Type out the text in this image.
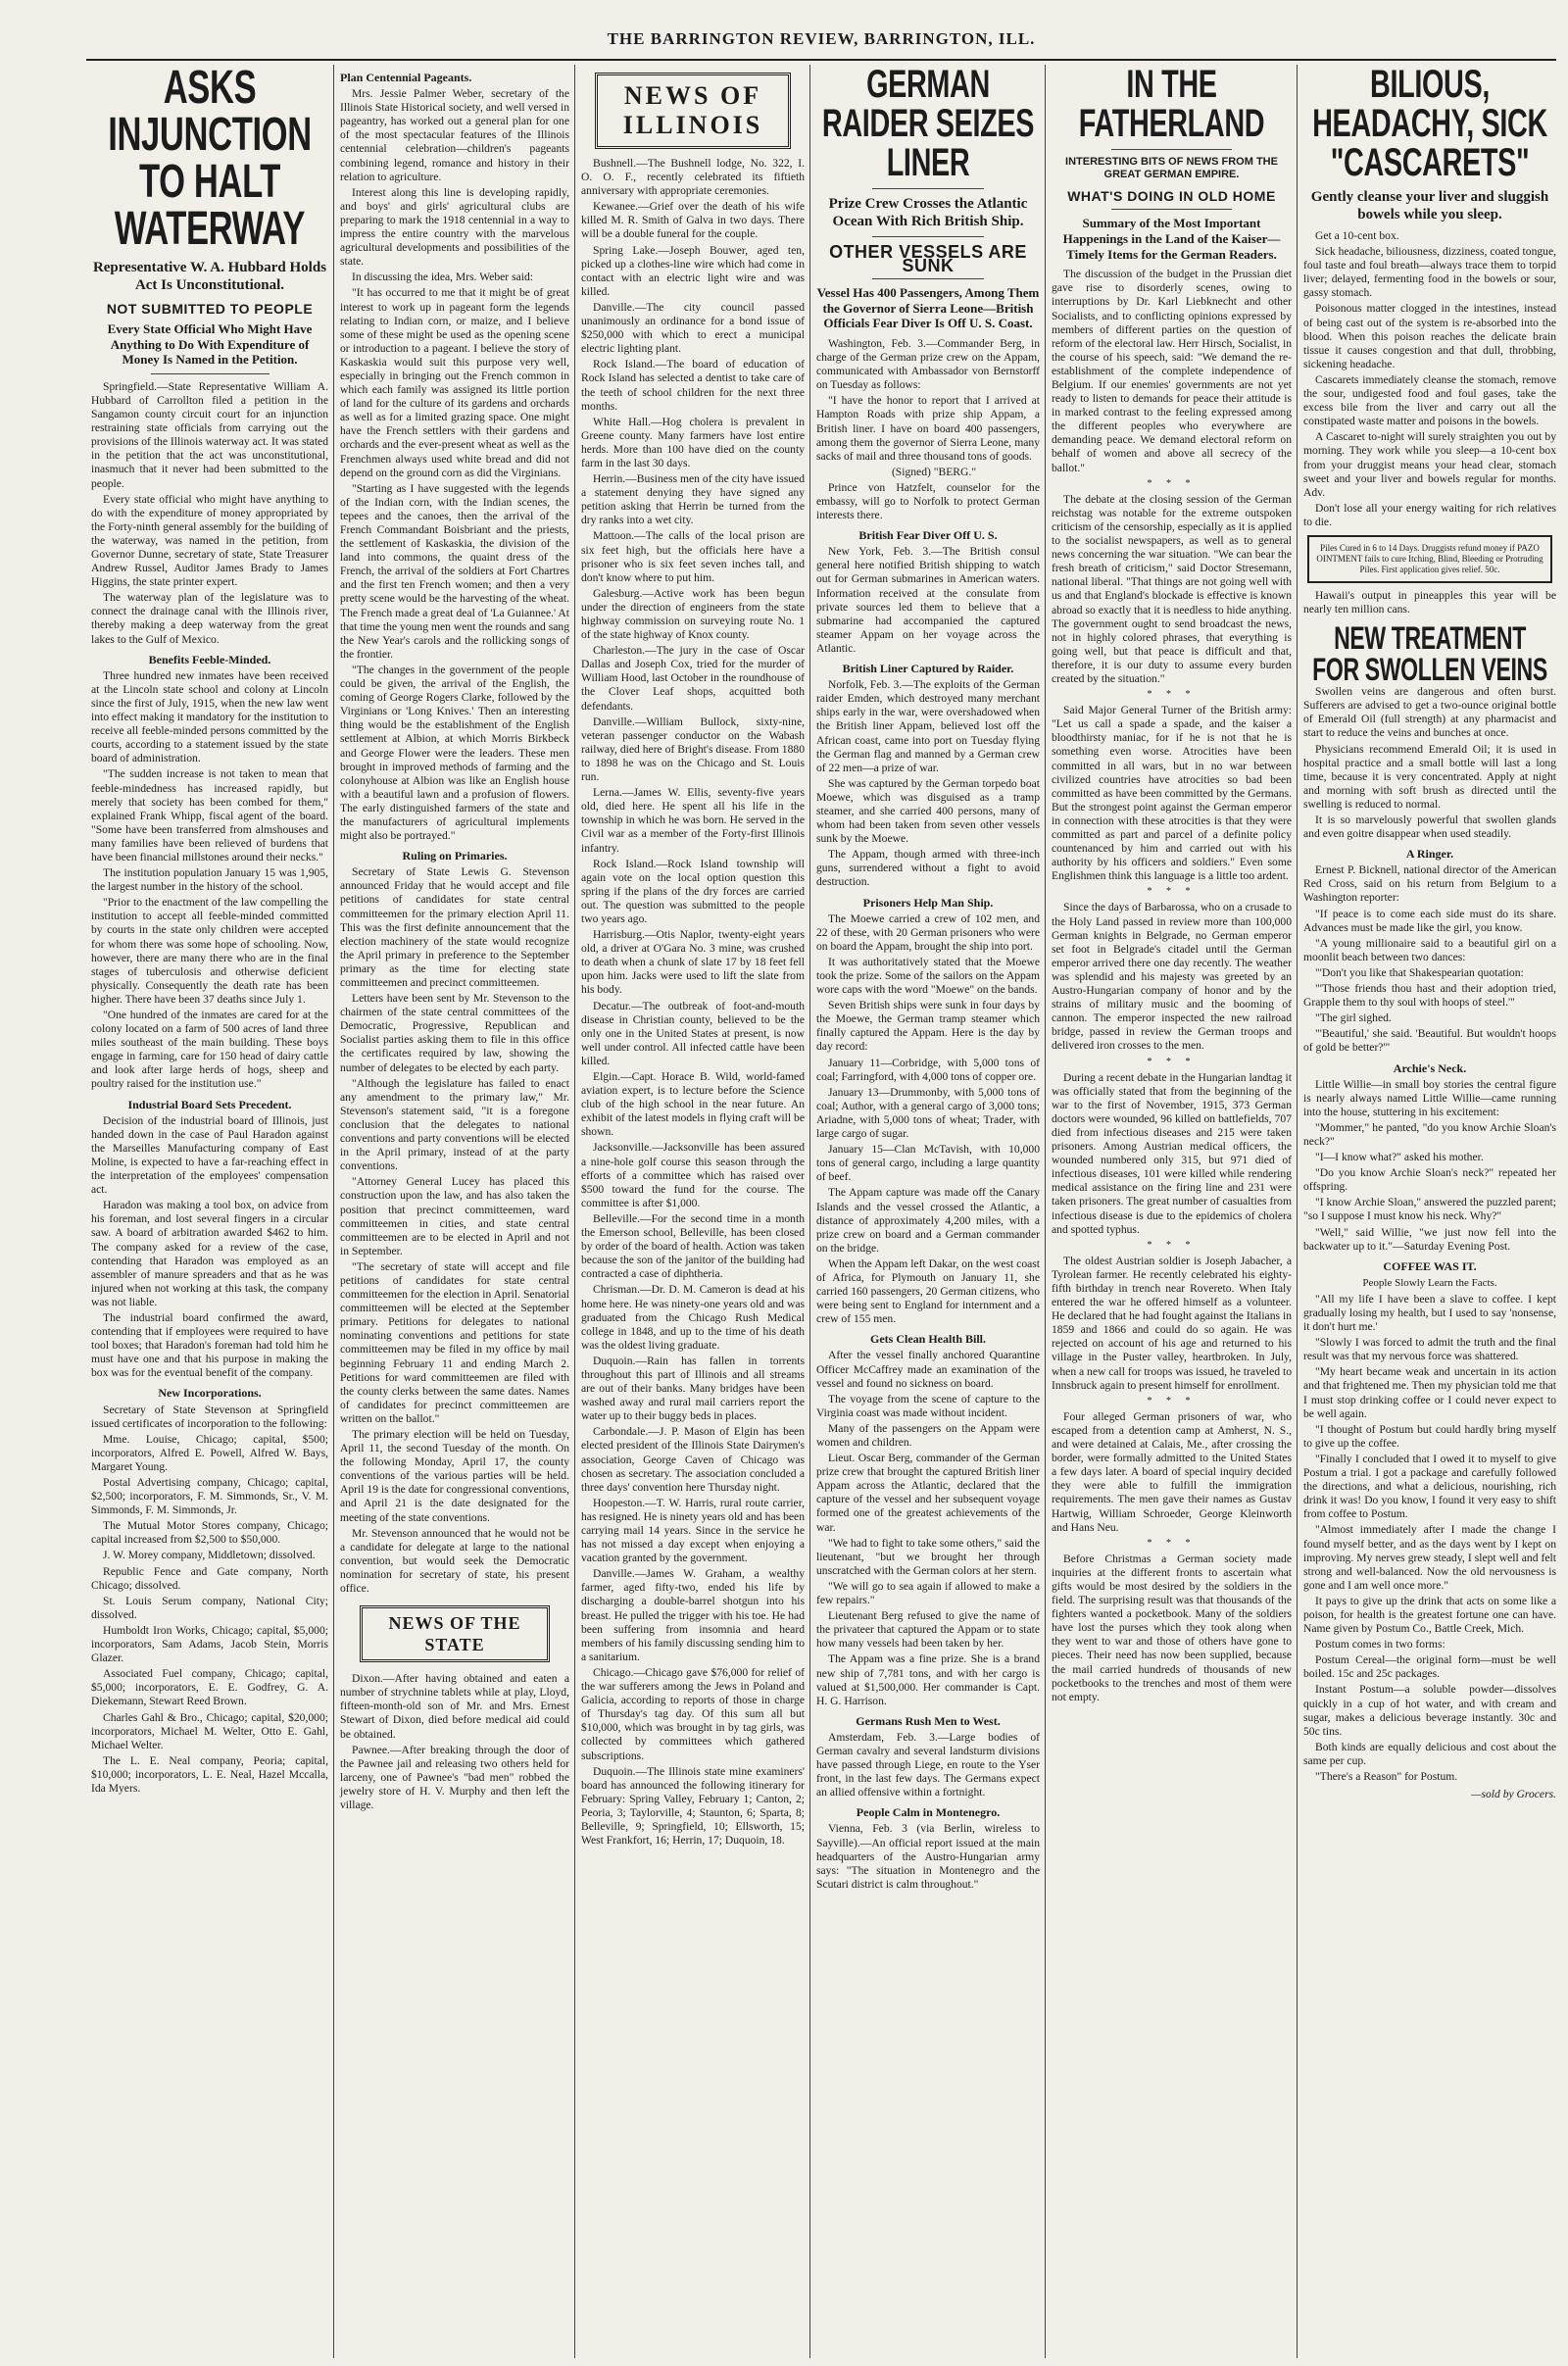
THE BARRINGTON REVIEW, BARRINGTON, ILL.
ASKS INJUNCTION TO HALT WATERWAY
Representative W. A. Hubbard Holds Act Is Unconstitutional.
NOT SUBMITTED TO PEOPLE
Every State Official Who Might Have Anything to Do With Expenditure of Money Is Named in the Petition.

Springfield.—State Representative William A. Hubbard of Carrollton filed a petition in the Sangamon county circuit court for an injunction restraining state officials from carrying out the provisions of the Illinois waterway act. It was stated in the petition that the act was unconstitutional, inasmuch that it never had been submitted to the people.

Every state official who might have anything to do with the expenditure of money appropriated by the Forty-ninth general assembly for the building of the waterway, was named in the petition, from Governor Dunne, secretary of state, State Treasurer Andrew Russel, Auditor James Brady to James Higgins, the state printer expert.

The waterway plan of the legislature was to connect the drainage canal with the Illinois river, thereby making a deep waterway from the great lakes to the Gulf of Mexico.

Benefits Feeble-Minded.

Three hundred new inmates have been received at the Lincoln state school and colony at Lincoln since the first of July, 1915, when the new law went into effect making it mandatory for the institution to receive all feeble-minded persons committed by the courts, according to a statement issued by the state board of administration.

"The sudden increase is not taken to mean that feeble-mindedness has increased rapidly, but merely that society has been combed for them," explained Frank Whipp, fiscal agent of the board. "Some have been transferred from almshouses and many families have been relieved of burdens that have been financial millstones around their necks."

The institution population January 15 was 1,905, the largest number in the history of the school.

"Prior to the enactment of the law compelling the institution to accept all feeble-minded committed by courts in the state only children were accepted for whom there was some hope of schooling. Now, however, there are many there who are in the final stages of tuberculosis and otherwise deficient physically. Consequently the death rate has been higher. There have been 37 deaths since July 1.

"One hundred of the inmates are cared for at the colony located on a farm of 500 acres of land three miles southeast of the main building. These boys engage in farming, care for 150 head of dairy cattle and look after large herds of hogs, sheep and poultry raised for the institution use."

Industrial Board Sets Precedent.

Decision of the industrial board of Illinois, just handed down in the case of Paul Haradon against the Marseilles Manufacturing company of East Moline, is expected to have a far-reaching effect in the interpretation of the employees' compensation act.

Haradon was making a tool box, on advice from his foreman, and lost several fingers in a circular saw. A board of arbitration awarded $462 to him. The company asked for a review of the case, contending that Haradon was employed as an assembler of manure spreaders and that as he was injured when not working at this task, the company was not liable.

The industrial board confirmed the award, contending that if employees were required to have tool boxes; that Haradon's foreman had told him he must have one and that his purpose in making the box was for the eventual benefit of the company.

New Incorporations.

Secretary of State Stevenson at Springfield issued certificates of incorporation to the following:

Mme. Louise, Chicago; capital, $500; incorporators, Alfred E. Powell, Alfred W. Bays, Margaret Young.

Postal Advertising company, Chicago; capital, $2,500; incorporators, F. M. Simmonds, Sr., V. M. Simmonds, F. M. Simmonds, Jr.

The Mutual Motor Stores company, Chicago; capital increased from $2,500 to $50,000.

J. W. Morey company, Middletown; dissolved.

Republic Fence and Gate company, North Chicago; dissolved.

St. Louis Serum company, National City; dissolved.

Humboldt Iron Works, Chicago; capital, $5,000; incorporators, Sam Adams, Jacob Stein, Morris Glazer.

Associated Fuel company, Chicago; capital, $5,000; incorporators, E. E. Godfrey, G. A. Diekemann, Stewart Reed Brown.

Charles Gahl & Bro., Chicago; capital, $20,000; incorporators, Michael M. Welter, Otto E. Gahl, Michael Welter.

The L. E. Neal company, Peoria; capital, $10,000; incorporators, L. E. Neal, Hazel Mccalla, Ida Myers.

Plan Centennial Pageants.

Mrs. Jessie Palmer Weber, secretary of the Illinois State Historical society, and well versed in pageantry, has worked out a general plan for one of the most spectacular features of the Illinois centennial celebration—children's pageants combining legend, romance and history in their relation to agriculture.

Interest along this line is developing rapidly, and boys' and girls' agricultural clubs are preparing to mark the 1918 centennial in a way to impress the entire country with the marvelous agricultural developments and possibilities of the state.

In discussing the idea, Mrs. Weber said:

"It has occurred to me that it might be of great interest to work up in pageant form the legends relating to Indian corn, or maize, and I believe some of these might be used as the opening scene or introduction to a pageant. I believe the story of Kaskaskia would suit this purpose very well, especially in bringing out the French common in which each family was assigned its little portion of land for the culture of its gardens and orchards as well as for a limited grazing space. One might have the French settlers with their gardens and orchards and the ever-present wheat as well as the Frenchmen always used white bread and did not depend on the ground corn as did the Virginians.

"Starting as I have suggested with the legends of the Indian corn, with the Indian scenes, the tepees and the canoes, then the arrival of the French Commandant Boisbriant and the priests, the settlement of Kaskaskia, the division of the land into commons, the quaint dress of the French, the arrival of the soldiers at Fort Chartres and the first ten French women; and then a very pretty scene would be the harvesting of the wheat. The French made a great deal of 'La Guiannee.' At that time the young men went the rounds and sang the New Year's carols and the rollicking songs of the frontier.

"The changes in the government of the people could be given, the arrival of the English, the coming of George Rogers Clarke, followed by the Virginians or 'Long Knives.' Then an interesting thing would be the establishment of the English settlement at Albion, at which Morris Birkbeck and George Flower were the leaders. These men brought in improved methods of farming and the colonyhouse at Albion was like an English house with a beautiful lawn and a profusion of flowers. The early distinguished farmers of the state and the manufacturers of agricultural implements might also be portrayed."

Ruling on Primaries.

Secretary of State Lewis G. Stevenson announced Friday that he would accept and file petitions of candidates for state central committeemen for the primary election April 11. This was the first definite announcement that the election machinery of the state would recognize the April primary in preference to the September primary as the time for electing state committeemen and precinct committeemen.

Letters have been sent by Mr. Stevenson to the chairmen of the state central committees of the Democratic, Progressive, Republican and Socialist parties asking them to file in this office the certificates required by law, showing the number of delegates to be elected by each party.

"Although the legislature has failed to enact any amendment to the primary law," Mr. Stevenson's statement said, "it is a foregone conclusion that the delegates to national conventions and party conventions will be elected in the April primary, instead of at the party conventions.

"Attorney General Lucey has placed this construction upon the law, and has also taken the position that precinct committeemen, ward committeemen in cities, and state central committeemen are to be elected in April and not in September.

"The secretary of state will accept and file petitions of candidates for state central committeemen for the election in April. Senatorial committeemen will be elected at the September primary. Petitions for delegates to national nominating conventions and petitions for state committeemen may be filed in my office by mail beginning February 11 and ending March 2. Petitions for ward committeemen are filed with the county clerks between the same dates. Names of candidates for precinct committeemen are written on the ballot."

The primary election will be held on Tuesday, April 11, the second Tuesday of the month. On the following Monday, April 17, the county conventions of the various parties will be held. April 19 is the date for congressional conventions, and April 21 is the date designated for the meeting of the state conventions.

Mr. Stevenson announced that he would not be a candidate for delegate at large to the national convention, but would seek the Democratic nomination for secretary of state, his present office.

NEWS OF THE STATE

Dixon.—After having obtained and eaten a number of strychnine tablets while at play, Lloyd, fifteen-month-old son of Mr. and Mrs. Ernest Stewart of Dixon, died before medical aid could be obtained.

Pawnee.—After breaking through the door of the Pawnee jail and releasing two others held for larceny, one of Pawnee's "bad men" robbed the jewelry store of H. V. Murphy and then left the village.

NEWS OF
ILLINOIS

Bushnell.—The Bushnell lodge, No. 322, I. O. O. F., recently celebrated its fiftieth anniversary with appropriate ceremonies.

Kewanee.—Grief over the death of his wife killed M. R. Smith of Galva in two days. There will be a double funeral for the couple.

Spring Lake.—Joseph Bouwer, aged ten, picked up a clothes-line wire which had come in contact with an electric light wire and was killed.

Danville.—The city council passed unanimously an ordinance for a bond issue of $250,000 with which to erect a municipal electric lighting plant.

Rock Island.—The board of education of Rock Island has selected a dentist to take care of the teeth of school children for the next three months.

White Hall.—Hog cholera is prevalent in Greene county. Many farmers have lost entire herds. More than 100 have died on the county farm in the last 30 days.

Herrin.—Business men of the city have issued a statement denying they have signed any petition asking that Herrin be turned from the dry ranks into a wet city.

Mattoon.—The calls of the local prison are six feet high, but the officials here have a prisoner who is six feet seven inches tall, and don't know where to put him.

Galesburg.—Active work has been begun under the direction of engineers from the state highway commission on surveying route No. 1 of the state highway of Knox county.

Charleston.—The jury in the case of Oscar Dallas and Joseph Cox, tried for the murder of William Hood, last October in the roundhouse of the Clover Leaf shops, acquitted both defendants.

Danville.—William Bullock, sixty-nine, veteran passenger conductor on the Wabash railway, died here of Bright's disease. From 1880 to 1898 he was on the Chicago and St. Louis run.

Lerna.—James W. Ellis, seventy-five years old, died here. He spent all his life in the township in which he was born. He served in the Civil war as a member of the Forty-first Illinois infantry.

Rock Island.—Rock Island township will again vote on the local option question this spring if the plans of the dry forces are carried out. The question was submitted to the people two years ago.

Harrisburg.—Otis Naplor, twenty-eight years old, a driver at O'Gara No. 3 mine, was crushed to death when a chunk of slate 17 by 18 feet fell upon him. Jacks were used to lift the slate from his body.

Decatur.—The outbreak of foot-and-mouth disease in Christian county, believed to be the only one in the United States at present, is now well under control. All infected cattle have been killed.

Elgin.—Capt. Horace B. Wild, world-famed aviation expert, is to lecture before the Science club of the high school in the near future. An exhibit of the latest models in flying craft will be shown.

Jacksonville.—Jacksonville has been assured a nine-hole golf course this season through the efforts of a committee which has raised over $500 toward the fund for the course. The committee is after $1,000.

Belleville.—For the second time in a month the Emerson school, Belleville, has been closed by order of the board of health. Action was taken because the son of the janitor of the building had contracted a case of diphtheria.

Chrisman.—Dr. D. M. Cameron is dead at his home here. He was ninety-one years old and was graduated from the Chicago Rush Medical college in 1848, and up to the time of his death was the oldest living graduate.

Duquoin.—Rain has fallen in torrents throughout this part of Illinois and all streams are out of their banks. Many bridges have been washed away and rural mail carriers report the water up to their buggy beds in places.

Carbondale.—J. P. Mason of Elgin has been elected president of the Illinois State Dairymen's association, George Caven of Chicago was chosen as secretary. The association concluded a three days' convention here Thursday night.

Hoopeston.—T. W. Harris, rural route carrier, has resigned. He is ninety years old and has been carrying mail 14 years. Since in the service he has not missed a day except when enjoying a vacation granted by the government.

Danville.—James W. Graham, a wealthy farmer, aged fifty-two, ended his life by discharging a double-barrel shotgun into his breast. He pulled the trigger with his toe. He had been suffering from insomnia and heard members of his family discussing sending him to a sanitarium.

Chicago.—Chicago gave $76,000 for relief of the war sufferers among the Jews in Poland and Galicia, according to reports of those in charge of Thursday's tag day. Of this sum all but $10,000, which was brought in by tag girls, was collected by committees which gathered subscriptions.

Duquoin.—The Illinois state mine examiners' board has announced the following itinerary for February: Spring Valley, February 1; Canton, 2; Peoria, 3; Taylorville, 4; Staunton, 6; Sparta, 8; Belleville, 9; Springfield, 10; Ellsworth, 15; West Frankfort, 16; Herrin, 17; Duquoin, 18.

GERMAN RAIDER SEIZES LINER
Prize Crew Crosses the Atlantic Ocean With Rich British Ship.
OTHER VESSELS ARE SUNK
Vessel Has 400 Passengers, Among Them the Governor of Sierra Leone—British Officials Fear Diver Is Off U. S. Coast.

Washington, Feb. 3.—Commander Berg, in charge of the German prize crew on the Appam, communicated with Ambassador von Bernstorff on Tuesday as follows:

"I have the honor to report that I arrived at Hampton Roads with prize ship Appam, a British liner. I have on board 400 passengers, among them the governor of Sierra Leone, many sacks of mail and three thousand tons of goods.

(Signed) "BERG."

Prince von Hatzfelt, counselor for the embassy, will go to Norfolk to protect German interests there.

British Fear Diver Off U. S.

New York, Feb. 3.—The British consul general here notified British shipping to watch out for German submarines in American waters. Information received at the consulate from private sources led them to believe that a submarine had accompanied the captured steamer Appam on her voyage across the Atlantic.

British Liner Captured by Raider.

Norfolk, Feb. 3.—The exploits of the German raider Emden, which destroyed many merchant ships early in the war, were overshadowed when the British liner Appam, believed lost off the African coast, came into port on Tuesday flying the German flag and manned by a German crew of 22 men—a prize of war.

She was captured by the German torpedo boat Moewe, which was disguised as a tramp steamer, and she carried 400 persons, many of whom had been taken from seven other vessels sunk by the Moewe.

The Appam, though armed with three-inch guns, surrendered without a fight to avoid destruction.

Prisoners Help Man Ship.

The Moewe carried a crew of 102 men, and 22 of these, with 20 German prisoners who were on board the Appam, brought the ship into port.

It was authoritatively stated that the Moewe took the prize. Some of the sailors on the Appam wore caps with the word "Moewe" on the bands.

Seven British ships were sunk in four days by the Moewe, the German tramp steamer which finally captured the Appam. Here is the day by day record:

January 11—Corbridge, with 5,000 tons of coal; Farringford, with 4,000 tons of copper ore.

January 13—Drummonby, with 5,000 tons of coal; Author, with a general cargo of 3,000 tons; Ariadne, with 5,000 tons of wheat; Trader, with large cargo of sugar.

January 15—Clan McTavish, with 10,000 tons of general cargo, including a large quantity of beef.

The Appam capture was made off the Canary Islands and the vessel crossed the Atlantic, a distance of approximately 4,200 miles, with a prize crew on board and a German commander on the bridge.

When the Appam left Dakar, on the west coast of Africa, for Plymouth on January 11, she carried 160 passengers, 20 German citizens, who were being sent to England for internment and a crew of 155 men.

Gets Clean Health Bill.

After the vessel finally anchored Quarantine Officer McCaffrey made an examination of the vessel and found no sickness on board.

The voyage from the scene of capture to the Virginia coast was made without incident.

Many of the passengers on the Appam were women and children.

Lieut. Oscar Berg, commander of the German prize crew that brought the captured British liner Appam across the Atlantic, declared that the capture of the vessel and her subsequent voyage formed one of the greatest achievements of the war.

"We had to fight to take some others," said the lieutenant, "but we brought her through unscratched with the German colors at her stern.

"We will go to sea again if allowed to make a few repairs."

Lieutenant Berg refused to give the name of the privateer that captured the Appam or to state how many vessels had been taken by her.

The Appam was a fine prize. She is a brand new ship of 7,781 tons, and with her cargo is valued at $1,500,000. Her commander is Capt. H. G. Harrison.

Germans Rush Men to West.

Amsterdam, Feb. 3.—Large bodies of German cavalry and several landsturm divisions have passed through Liege, en route to the Yser front, in the last few days. The Germans expect an allied offensive within a fortnight.

People Calm in Montenegro.

Vienna, Feb. 3 (via Berlin, wireless to Sayville).—An official report issued at the main headquarters of the Austro-Hungarian army says: "The situation in Montenegro and the Scutari district is calm throughout."

IN THE FATHERLAND
INTERESTING BITS OF NEWS FROM THE GREAT GERMAN EMPIRE.
WHAT'S DOING IN OLD HOME
Summary of the Most Important Happenings in the Land of the Kaiser—Timely Items for the German Readers.

The discussion of the budget in the Prussian diet gave rise to disorderly scenes, owing to interruptions by Dr. Karl Liebknecht and other Socialists, and to conflicting opinions expressed by members of different parties on the question of reform of the electoral law. Herr Hirsch, Socialist, in the course of his speech, said: "We demand the re-establishment of the complete independence of Belgium. If our enemies' governments are not yet ready to listen to demands for peace their attitude is in marked contrast to the feeling expressed among the different peoples who everywhere are demanding peace. We demand electoral reform on behalf of women and above all secrecy of the ballot."

* * *

The debate at the closing session of the German reichstag was notable for the extreme outspoken criticism of the censorship, especially as it is applied to the socialist newspapers, as well as to general news concerning the war situation. "We can bear the fresh breath of criticism," said Doctor Stresemann, national liberal. "That things are not going well with us and that England's blockade is effective is known abroad so exactly that it is needless to hide anything. The government ought to send broadcast the news, not in highly colored phrases, that everything is going well, but that peace is difficult and that, therefore, it is our duty to assume every burden created by the situation."

* * *

Said Major General Turner of the British army: "Let us call a spade a spade, and the kaiser a bloodthirsty maniac, for if he is not that he is something even worse. Atrocities have been committed in all wars, but in no war between civilized countries have atrocities so bad been committed as have been committed by the Germans. But the strongest point against the German emperor in connection with these atrocities is that they were committed as part and parcel of a definite policy countenanced by him and carried out with his authority by his officers and soldiers." Even some Englishmen think this language is a little too ardent.

* * *

Since the days of Barbarossa, who on a crusade to the Holy Land passed in review more than 100,000 German knights in Belgrade, no German emperor set foot in Belgrade's citadel until the German emperor arrived there one day recently. The weather was splendid and his majesty was greeted by an Austro-Hungarian company of honor and by the strains of military music and the booming of cannon. The emperor inspected the new railroad bridge, passed in review the German troops and delivered iron crosses to the men.

* * *

During a recent debate in the Hungarian landtag it was officially stated that from the beginning of the war to the first of November, 1915, 373 German doctors were wounded, 96 killed on battlefields, 707 died from infectious diseases and 215 were taken prisoners. Among Austrian medical officers, the wounded numbered only 315, but 971 died of infectious diseases, 101 were killed while rendering medical assistance on the firing line and 231 were taken prisoners. The great number of casualties from infectious disease is due to the epidemics of cholera and spotted typhus.

* * *

The oldest Austrian soldier is Joseph Jabacher, a Tyrolean farmer. He recently celebrated his eighty-fifth birthday in trench near Rovereto. When Italy entered the war he offered himself as a volunteer. He declared that he had fought against the Italians in 1859 and 1866 and could do so again. He was rejected on account of his age and returned to his village in the Puster valley, heartbroken. In July, when a new call for troops was issued, he traveled to Innsbruck again to present himself for enrollment.

* * *

Four alleged German prisoners of war, who escaped from a detention camp at Amherst, N. S., and were detained at Calais, Me., after crossing the border, were formally admitted to the United States a few days later. A board of special inquiry decided they were able to fulfill the immigration requirements. The men gave their names as Gustav Hartwig, William Schroeder, George Kleinworth and Hans Neu.

* * *

Before Christmas a German society made inquiries at the different fronts to ascertain what gifts would be most desired by the soldiers in the field. The surprising result was that thousands of the fighters wanted a pocketbook. Many of the soldiers have lost the purses which they took along when they went to war and those of others have gone to pieces. Their need has now been supplied, because the mail carried hundreds of thousands of new pocketbooks to the trenches and most of them were not empty.

BILIOUS, HEADACHY, SICK "CASCARETS"
Gently cleanse your liver and sluggish bowels while you sleep.

Get a 10-cent box.

Sick headache, biliousness, dizziness, coated tongue, foul taste and foul breath—always trace them to torpid liver; delayed, fermenting food in the bowels or sour, gassy stomach.

Poisonous matter clogged in the intestines, instead of being cast out of the system is re-absorbed into the blood. When this poison reaches the delicate brain tissue it causes congestion and that dull, throbbing, sickening headache.

Cascarets immediately cleanse the stomach, remove the sour, undigested food and foul gases, take the excess bile from the liver and carry out all the constipated waste matter and poisons in the bowels.

A Cascaret to-night will surely straighten you out by morning. They work while you sleep—a 10-cent box from your druggist means your head clear, stomach sweet and your liver and bowels regular for months. Adv.

Don't lose all your energy waiting for rich relatives to die.

Piles Cured in 6 to 14 Days. Druggists refund money if PAZO OINTMENT fails to cure Itching, Blind, Bleeding or Protruding Piles. First application gives relief. 50c.

Hawaii's output in pineapples this year will be nearly ten million cans.

NEW TREATMENT FOR SWOLLEN VEINS

Swollen veins are dangerous and often burst. Sufferers are advised to get a two-ounce original bottle of Emerald Oil (full strength) at any pharmacist and start to reduce the veins and bunches at once.

Physicians recommend Emerald Oil; it is used in hospital practice and a small bottle will last a long time, because it is very concentrated. Apply at night and morning with soft brush as directed until the swelling is reduced to normal.

It is so marvelously powerful that swollen glands and even goitre disappear when used steadily.

A Ringer.

Ernest P. Bicknell, national director of the American Red Cross, said on his return from Belgium to a Washington reporter:

"If peace is to come each side must do its share. Advances must be made like the girl, you know.

"A young millionaire said to a beautiful girl on a moonlit beach between two dances:

"'Don't you like that Shakespearian quotation:

"'Those friends thou hast and their adoption tried, Grapple them to thy soul with hoops of steel.'"

"The girl sighed.

"'Beautiful,' she said. 'Beautiful. But wouldn't hoops of gold be better?'"

Archie's Neck.

Little Willie—in small boy stories the central figure is nearly always named Little Willie—came running into the house, stuttering in his excitement:

"Mommer," he panted, "do you know Archie Sloan's neck?"

"I—I know what?" asked his mother.

"Do you know Archie Sloan's neck?" repeated her offspring.

"I know Archie Sloan," answered the puzzled parent; "so I suppose I must know his neck. Why?"

"Well," said Willie, "we just now fell into the backwater up to it."—Saturday Evening Post.

COFFEE WAS IT.
People Slowly Learn the Facts.

"All my life I have been a slave to coffee. I kept gradually losing my health, but I used to say 'nonsense, it don't hurt me.'

"Slowly I was forced to admit the truth and the final result was that my nervous force was shattered.

"My heart became weak and uncertain in its action and that frightened me. Then my physician told me that I must stop drinking coffee or I could never expect to be well again.

"I thought of Postum but could hardly bring myself to give up the coffee.

"Finally I concluded that I owed it to myself to give Postum a trial. I got a package and carefully followed the directions, and what a delicious, nourishing, rich drink it was! Do you know, I found it very easy to shift from coffee to Postum.

"Almost immediately after I made the change I found myself better, and as the days went by I kept on improving. My nerves grew steady, I slept well and felt strong and well-balanced. Now the old nervousness is gone and I am well once more."

It pays to give up the drink that acts on some like a poison, for health is the greatest fortune one can have. Name given by Postum Co., Battle Creek, Mich.

Postum comes in two forms:

Postum Cereal—the original form—must be well boiled. 15c and 25c packages.

Instant Postum—a soluble powder—dissolves quickly in a cup of hot water, and with cream and sugar, makes a delicious beverage instantly. 30c and 50c tins.

Both kinds are equally delicious and cost about the same per cup.

"There's a Reason" for Postum.

—sold by Grocers.
